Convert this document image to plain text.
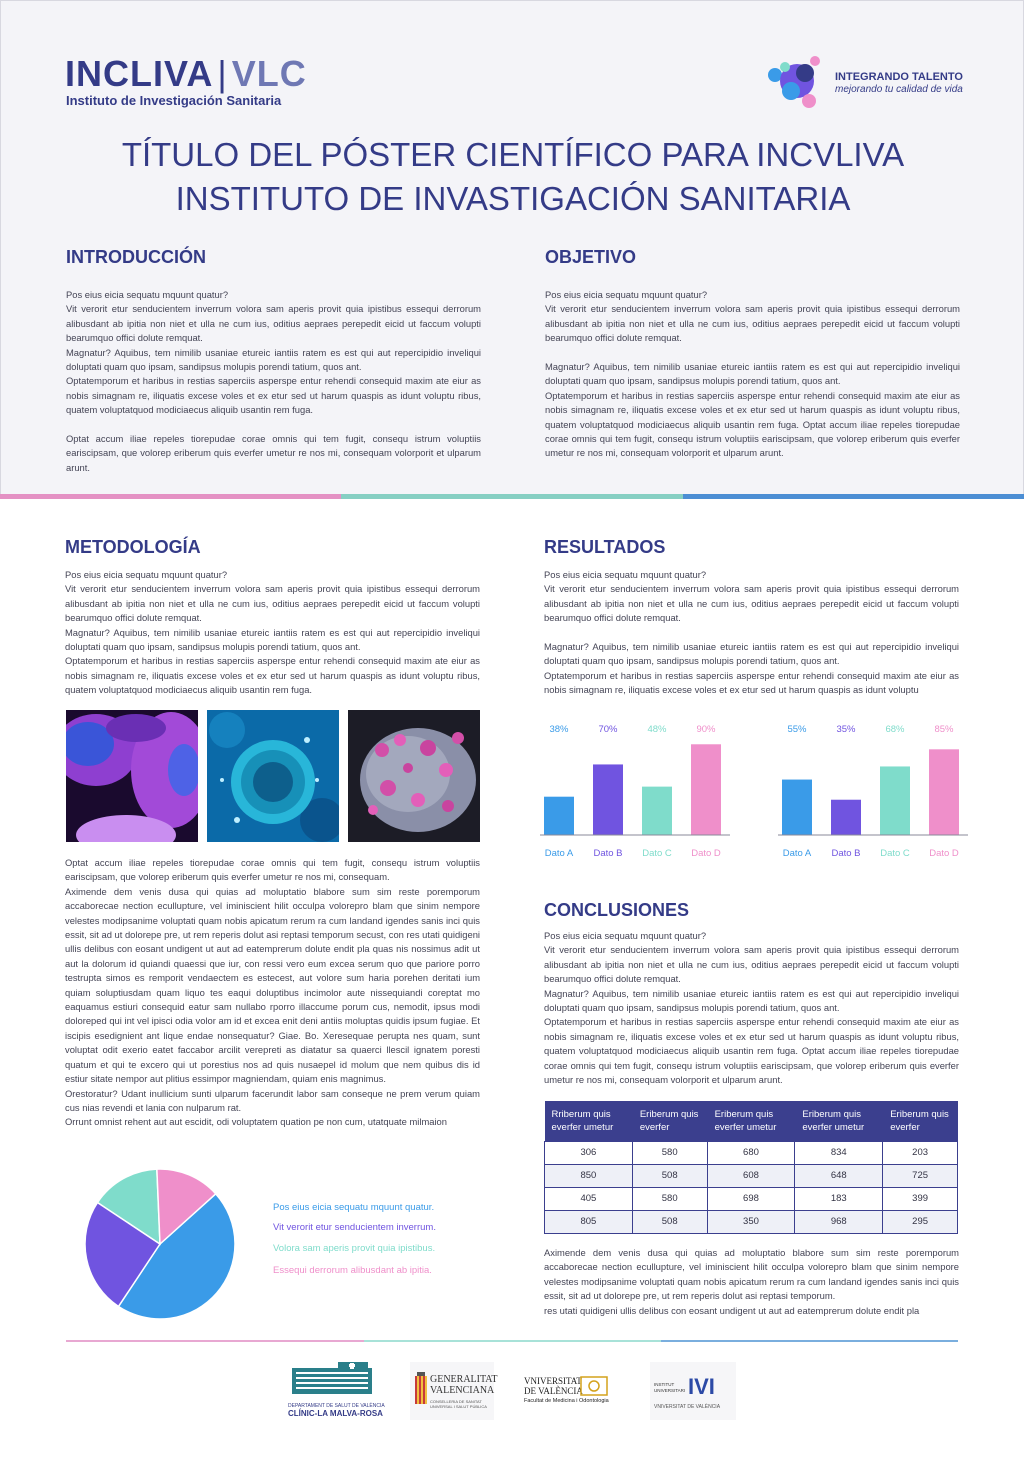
INCLIVA | VLC
Instituto de Investigación Sanitaria
INTEGRANDO TALENTO
mejorando tu calidad de vida
TÍTULO DEL PÓSTER CIENTÍFICO PARA INCVLIVA
INSTITUTO DE INVASTIGACIÓN SANITARIA
INTRODUCCIÓN

Pos eius eicia sequatu mquunt quatur?

Vit verorit etur senducientem inverrum volora sam aperis provit quia ipistibus essequi derrorum alibusdant ab ipitia non niet et ulla ne cum ius, oditius aepraes perepedit eicid ut faccum volupti bearumquo offici dolute remquat.

Magnatur? Aquibus, tem nimilib usaniae etureic iantiis ratem es est qui aut repercipidio inveliqui doluptati quam quo ipsam, sandipsus molupis porendi tatium, quos ant.

Optatemporum et haribus in restias saperciis asperspe entur rehendi consequid maxim ate eiur as nobis simagnam re, iliquatis excese voles et ex etur sed ut harum quaspis as idunt voluptu ribus, quatem voluptatquod modiciaecus aliquib usantin rem fuga.

Optat accum iliae repeles tiorepudae corae omnis qui tem fugit, consequ istrum voluptiis eariscipsam, que volorep eriberum quis everfer umetur re nos mi, consequam volorporit et ulparum arunt.

OBJETIVO

Pos eius eicia sequatu mquunt quatur?

Vit verorit etur senducientem inverrum volora sam aperis provit quia ipistibus essequi derrorum alibusdant ab ipitia non niet et ulla ne cum ius, oditius aepraes perepedit eicid ut faccum volupti bearumquo offici dolute remquat.

Magnatur? Aquibus, tem nimilib usaniae etureic iantiis ratem es est qui aut repercipidio inveliqui doluptati quam quo ipsam, sandipsus molupis porendi tatium, quos ant.

Optatemporum et haribus in restias saperciis asperspe entur rehendi consequid maxim ate eiur as nobis simagnam re, iliquatis excese voles et ex etur sed ut harum quaspis as idunt voluptu ribus, quatem voluptatquod modiciaecus aliquib usantin rem fuga. Optat accum iliae repeles tiorepudae corae omnis qui tem fugit, consequ istrum voluptiis eariscipsam, que volorep eriberum quis everfer umetur re nos mi, consequam volorporit et ulparum arunt.

METODOLOGÍA

Pos eius eicia sequatu mquunt quatur?

Vit verorit etur senducientem inverrum volora sam aperis provit quia ipistibus essequi derrorum alibusdant ab ipitia non niet et ulla ne cum ius, oditius aepraes perepedit eicid ut faccum volupti bearumquo offici dolute remquat.

Magnatur? Aquibus, tem nimilib usaniae etureic iantiis ratem es est qui aut repercipidio inveliqui doluptati quam quo ipsam, sandipsus molupis porendi tatium, quos ant.

Optatemporum et haribus in restias saperciis asperspe entur rehendi consequid maxim ate eiur as nobis simagnam re, iliquatis excese voles et ex etur sed ut harum quaspis as idunt voluptu ribus, quatem voluptatquod modiciaecus aliquib usantin rem fuga.

Optat accum iliae repeles tiorepudae corae omnis qui tem fugit, consequ istrum voluptiis eariscipsam, que volorep eriberum quis everfer umetur re nos mi, consequam.

Aximende dem venis dusa qui quias ad moluptatio blabore sum sim reste poremporum accaborecae nection ecullupture, vel iminiscient hilit occulpa volorepro blam que sinim nempore velestes modipsanime voluptati quam nobis apicatum rerum ra cum landand igendes sanis inci quis essit, sit ad ut dolorepe pre, ut rem reperis dolut asi reptasi temporum secust, con res utati quidigeni ullis delibus con eosant undigent ut aut ad eatemprerum dolute endit pla quas nis nossimus adit ut aut la dolorum id quiandi quaessi que iur, con ressi vero eum excea serum quo que pariore porro testrupta simos es remporit vendaectem es estecest, aut volore sum haria porehen deritati ium quiam soluptiusdam quam liquo tes eaqui doluptibus incimolor aute nissequiandi coreptat mo eaquamus estiuri consequid eatur sam nullabo rporro illaccume porum cus, nemodit, ipsus modi doloreped qui int vel ipisci odia volor am id et excea enit deni antiis moluptas quidis ipsum fugiae. Et iscipis esedignient ant lique endae nonsequatur? Giae. Bo. Xeresequae perupta nes quam, sunt voluptat odit exerio eatet faccabor arcilit verepreti as diatatur sa quaerci llescil ignatem poresti quatum et qui te excero qui ut porestius nos ad quis nusaepel id molum que nem quibus dis id estiur sitate nempor aut plitius essimpor magniendam, quiam enis magnimus.

Orestoratur? Udant inullicium sunti ulparum facerundit labor sam conseque ne prem verum quiam cus nias revendi et lania con nulparum rat.

Orrunt omnist rehent aut aut escidit, odi voluptatem quation pe non cum, utatquate milmaion

Pos eius eicia sequatu mquunt quatur.
Vit verorit etur senducientem inverrum.
Volora sam aperis provit quia ipistibus.
Essequi derrorum alibusdant ab ipitia.
RESULTADOS

Pos eius eicia sequatu mquunt quatur?

Vit verorit etur senducientem inverrum volora sam aperis provit quia ipistibus essequi derrorum alibusdant ab ipitia non niet et ulla ne cum ius, oditius aepraes perepedit eicid ut faccum volupti bearumquo offici dolute remquat.

Magnatur? Aquibus, tem nimilib usaniae etureic iantiis ratem es est qui aut repercipidio inveliqui doluptati quam quo ipsam, sandipsus molupis porendi tatium, quos ant.

Optatemporum et haribus in restias saperciis asperspe entur rehendi consequid maxim ate eiur as nobis simagnam re, iliquatis excese voles et ex etur sed ut harum quaspis as idunt voluptu

38%
Dato A
70%
Dato B
48%
Dato C
90%
Dato D
55%
Dato A
35%
Dato B
68%
Dato C
85%
Dato D
CONCLUSIONES

Pos eius eicia sequatu mquunt quatur?

Vit verorit etur senducientem inverrum volora sam aperis provit quia ipistibus essequi derrorum alibusdant ab ipitia non niet et ulla ne cum ius, oditius aepraes perepedit eicid ut faccum volupti bearumquo offici dolute remquat.

Magnatur? Aquibus, tem nimilib usaniae etureic iantiis ratem es est qui aut repercipidio inveliqui doluptati quam quo ipsam, sandipsus molupis porendi tatium, quos ant.

Optatemporum et haribus in restias saperciis asperspe entur rehendi consequid maxim ate eiur as nobis simagnam re, iliquatis excese voles et ex etur sed ut harum quaspis as idunt voluptu ribus, quatem voluptatquod modiciaecus aliquib usantin rem fuga. Optat accum iliae repeles tiorepudae corae omnis qui tem fugit, consequ istrum voluptiis eariscipsam, que volorep eriberum quis everfer umetur re nos mi, consequam volorporit et ulparum arunt.

Rriberum quis everfer umetur	Eriberum quis everfer	Eriberum quis everfer umetur	Eriberum quis everfer umetur	Eriberum quis everfer
306	580	680	834	203
850	508	608	648	725
405	580	698	183	399
805	508	350	968	295

Aximende dem venis dusa qui quias ad moluptatio blabore sum sim reste poremporum accaborecae nection ecullupture, vel iminiscient hilit occulpa volorepro blam que sinim nempore velestes modipsanime voluptati quam nobis apicatum rerum ra cum landand igendes sanis inci quis essit, sit ad ut dolorepe pre, ut rem reperis dolut asi reptasi temporum.

res utati quidigeni ullis delibus con eosant undigent ut aut ad eatemprerum dolute endit pla

DEPARTAMENT DE SALUT DE VALÈNCIA
CLÍNIC-LA MALVA-ROSA
GENERALITAT
VALENCIANA
CONSELLERIA DE SANITAT UNIVERSAL I SALUT PÚBLICA
VNIVERSITAT
DE VALÈNCIA
Facultat de Medicina i Odontologia
INSTITUT UNIVERSITARI IVI
VNIVERSITAT DE VALÈNCIA
